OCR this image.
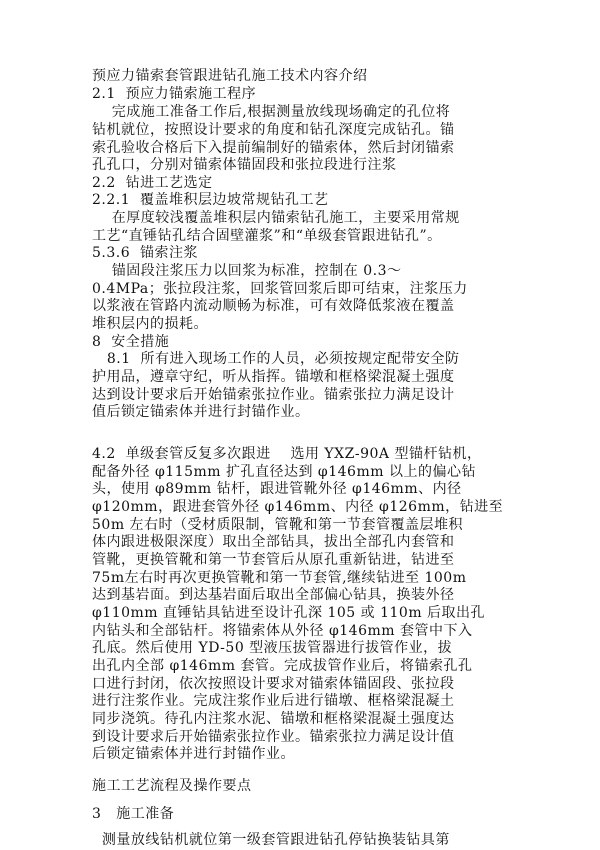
预应力锚索套管跟进钻孔施工技术内容介绍
2.1  预应力锚索施工程序
完成施工准备工作后,根据测量放线现场确定的孔位将
钻机就位，按照设计要求的角度和钻孔深度完成钻孔。锚
索孔验收合格后下入提前编制好的锚索体，然后封闭锚索
孔孔口，分别对锚索体锚固段和张拉段进行注浆
2.2  钻进工艺选定
2.2.1  覆盖堆积层边坡常规钻孔工艺
在厚度较浅覆盖堆积层内锚索钻孔施工，主要采用常规
工艺“直锤钻孔结合固壁灌浆”和“单级套管跟进钻孔”。
5.3.6  锚索注浆
锚固段注浆压力以回浆为标准，控制在 0.3～
0.4MPa；张拉段注浆，回浆管回浆后即可结束，注浆压力
以浆液在管路内流动顺畅为标准，可有效降低浆液在覆盖
堆积层内的损耗。
8  安全措施
8.1  所有进入现场工作的人员，必须按规定配带安全防
护用品，遵章守纪，听从指挥。锚墩和框格梁混凝土强度
达到设计要求后开始锚索张拉作业。锚索张拉力满足设计
值后锁定锚索体并进行封锚作业。
4.2  单级套管反复多次跟进    选用 YXZ-90A 型锚杆钻机，
配备外径 φ115mm 扩孔直径达到 φ146mm 以上的偏心钻
头，使用 φ89mm 钻杆，跟进管靴外径 φ146mm、内径
φ120mm，跟进套管外径 φ146mm、内径 φ126mm，钻进至
50m 左右时（受材质限制，管靴和第一节套管覆盖层堆积
体内跟进极限深度）取出全部钻具，拔出全部孔内套管和
管靴，更换管靴和第一节套管后从原孔重新钻进，钻进至
75m左右时再次更换管靴和第一节套管,继续钻进至 100m
达到基岩面。到达基岩面后取出全部偏心钻具，换装外径
φ110mm 直锤钻具钻进至设计孔深 105 或 110m 后取出孔
内钻头和全部钻杆。将锚索体从外径 φ146mm 套管中下入
孔底。然后使用 YD-50 型液压拔管器进行拔管作业，拔
出孔内全部 φ146mm 套管。完成拔管作业后，将锚索孔孔
口进行封闭，依次按照设计要求对锚索体锚固段、张拉段
进行注浆作业。完成注浆作业后进行锚墩、框格梁混凝土
同步浇筑。待孔内注浆水泥、锚墩和框格梁混凝土强度达
到设计要求后开始锚索张拉作业。锚索张拉力满足设计值
后锁定锚索体并进行封锚作业。
施工工艺流程及操作要点
3   施工准备
测量放线钻机就位第一级套管跟进钻孔停钻换装钻具第
